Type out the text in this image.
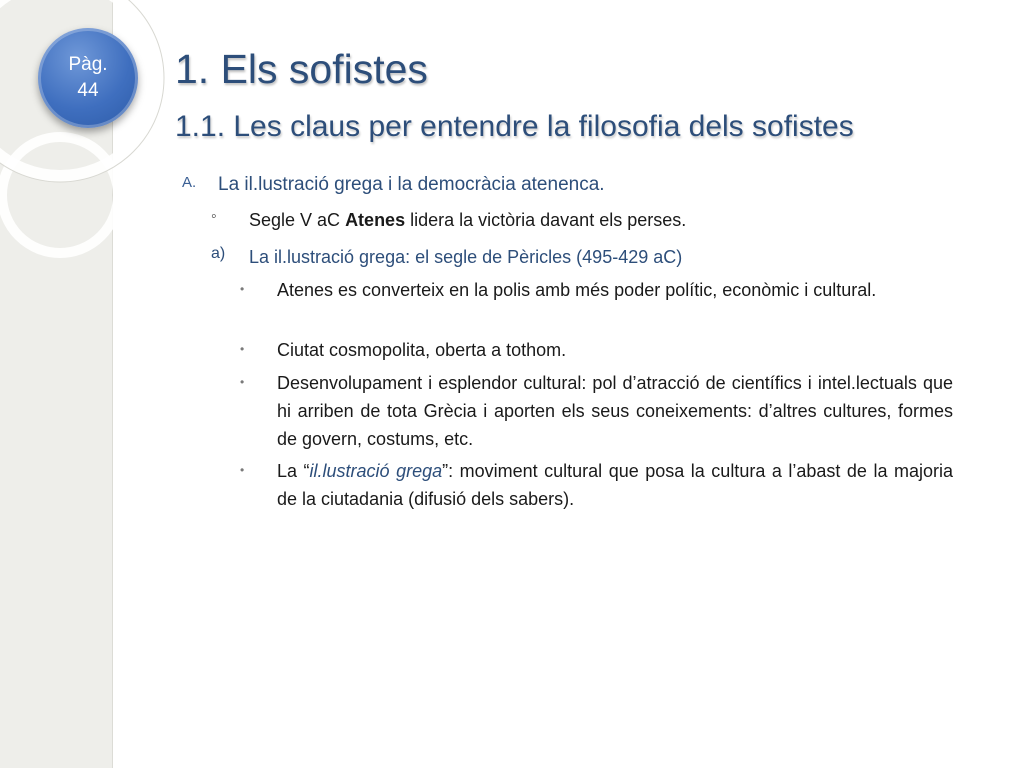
Pàg.
44 1. Els sofistes
1.1. Les claus per entendre la filosofia dels sofistes
A. La il.lustració grega i la democràcia atenenca.
◦ Segle V aC Atenes lidera la victòria davant els perses.
a) La il.lustració grega: el segle de Pèricles (495-429 aC)
• Atenes es converteix en la polis amb més poder polític, econòmic i cultural.
• Ciutat cosmopolita, oberta a tothom.
• Desenvolupament i esplendor cultural: pol d’atracció de científics i intel.lectuals que hi arriben de tota Grècia i aporten els seus coneixements: d’altres cultures, formes de govern, costums, etc.
• La “il.lustració grega”: moviment cultural que posa la cultura a l’abast de la majoria de la ciutadania (difusió dels sabers).
